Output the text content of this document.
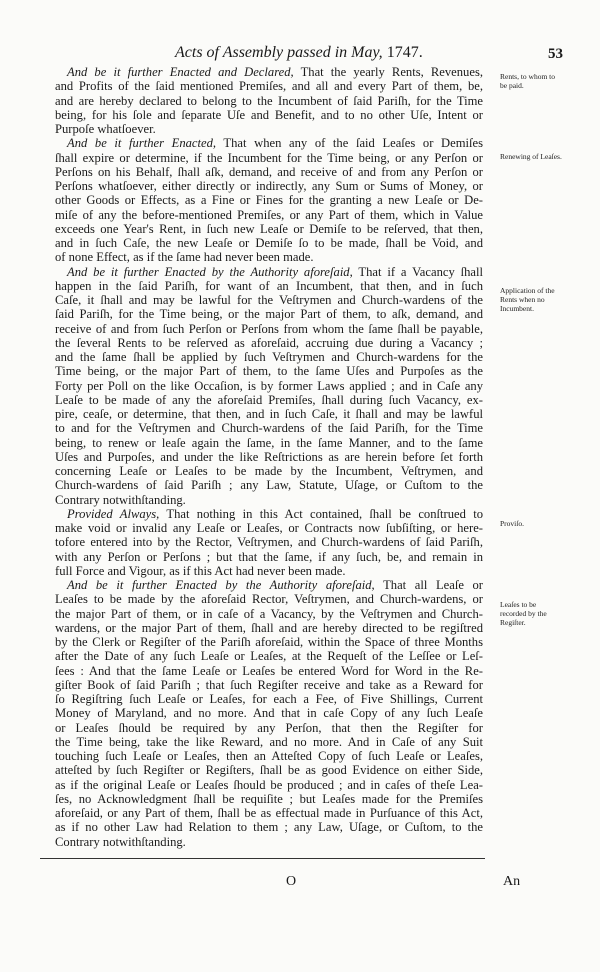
Acts of Assembly passed in May, 1747.	53
And be it further Enacted and Declared, That the yearly Rents, Revenues,
and Profits of the ſaid mentioned Premiſes, and all and every Part of them, be,
and are hereby declared to belong to the Incumbent of ſaid Pariſh, for the Time
being, for his ſole and ſeparate Uſe and Benefit, and to no other Uſe, Intent or
Purpoſe whatſoever.
And be it further Enacted, That when any of the ſaid Leaſes or Demiſes
ſhall expire or determine, if the Incumbent for the Time being, or any Perſon or
Perſons on his Behalf, ſhall aſk, demand, and receive of and from any Perſon or
Perſons whatſoever, either directly or indirectly, any Sum or Sums of Money, or
other Goods or Effects, as a Fine or Fines for the granting a new Leaſe or De-
miſe of any the before-mentioned Premiſes, or any Part of them, which in Value
exceeds one Year's Rent, in ſuch new Leaſe or Demiſe to be reſerved, that then,
and in ſuch Caſe, the new Leaſe or Demiſe ſo to be made, ſhall be Void, and
of none Effect, as if the ſame had never been made.
And be it further Enacted by the Authority aforeſaid, That if a Vacancy ſhall
happen in the ſaid Pariſh, for want of an Incumbent, that then, and in ſuch
Caſe, it ſhall and may be lawful for the Veſtrymen and Church-wardens of the
ſaid Pariſh, for the Time being, or the major Part of them, to aſk, demand, and
receive of and from ſuch Perſon or Perſons from whom the ſame ſhall be payable,
the ſeveral Rents to be reſerved as aforeſaid, accruing due during a Vacancy ;
and the ſame ſhall be applied by ſuch Veſtrymen and Church-wardens for the
Time being, or the major Part of them, to the ſame Uſes and Purpoſes as the
Forty per Poll on the like Occaſion, is by former Laws applied ; and in Caſe any
Leaſe to be made of any the aforeſaid Premiſes, ſhall during ſuch Vacancy, ex-
pire, ceaſe, or determine, that then, and in ſuch Caſe, it ſhall and may be lawful
to and for the Veſtrymen and Church-wardens of the ſaid Pariſh, for the Time
being, to renew or leaſe again the ſame, in the ſame Manner, and to the ſame
Uſes and Purpoſes, and under the like Reſtrictions as are herein before ſet forth
concerning Leaſe or Leaſes to be made by the Incumbent, Veſtrymen, and
Church-wardens of ſaid Pariſh ; any Law, Statute, Uſage, or Cuſtom to the
Contrary notwithſtanding.
Provided Always, That nothing in this Act contained, ſhall be conſtrued to
make void or invalid any Leaſe or Leaſes, or Contracts now ſubſiſting, or here-
tofore entered into by the Rector, Veſtrymen, and Church-wardens of ſaid Pariſh,
with any Perſon or Perſons ; but that the ſame, if any ſuch, be, and remain in
full Force and Vigour, as if this Act had never been made.
And be it further Enacted by the Authority aforeſaid, That all Leaſe or
Leaſes to be made by the aforeſaid Rector, Veſtrymen, and Church-wardens, or
the major Part of them, or in caſe of a Vacancy, by the Veſtrymen and Church-
wardens, or the major Part of them, ſhall and are hereby directed to be regiſtred
by the Clerk or Regiſter of the Pariſh aforeſaid, within the Space of three Months
after the Date of any ſuch Leaſe or Leaſes, at the Requeſt of the Leſſee or Leſ-
ſees : And that the ſame Leaſe or Leaſes be entered Word for Word in the Re-
giſter Book of ſaid Pariſh ; that ſuch Regiſter receive and take as a Reward for
ſo Regiſtring ſuch Leaſe or Leaſes, for each a Fee, of Five Shillings, Current
Money of Maryland, and no more. And that in caſe Copy of any ſuch Leaſe
or Leaſes ſhould be required by any Perſon, that then the Regiſter for
the Time being, take the like Reward, and no more. And in Caſe of any Suit
touching ſuch Leaſe or Leaſes, then an Atteſted Copy of ſuch Leaſe or Leaſes,
atteſted by ſuch Regiſter or Regiſters, ſhall be as good Evidence on either Side,
as if the original Leaſe or Leaſes ſhould be produced ; and in caſes of theſe Lea-
ſes, no Acknowledgment ſhall be requiſite ; but Leaſes made for the Premiſes
aforeſaid, or any Part of them, ſhall be as effectual made in Purſuance of this Act,
as if no other Law had Relation to them ; any Law, Uſage, or Cuſtom, to the
Contrary notwithſtanding.
Rents, to whom to be paid.
Renewing of Leaſes.
Application of the Rents when no Incumbent.
Proviſo.
Leaſes to be recorded by the Regiſter.
O	An
